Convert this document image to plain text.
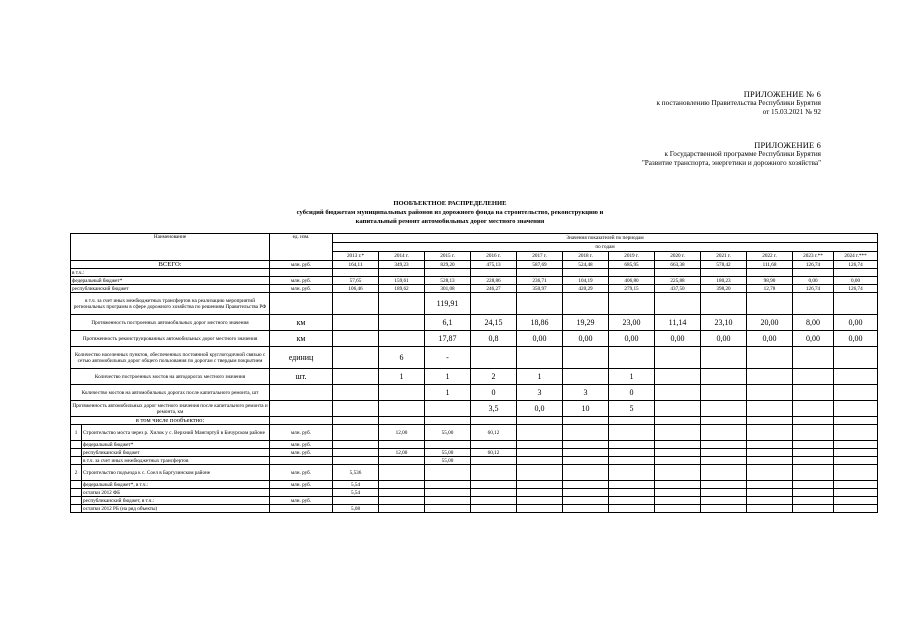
ПРИЛОЖЕНИЕ № 6
к постановлению Правительства Республики Бурятия
от 15.03.2021 № 92
ПРИЛОЖЕНИЕ 6
к Государственной программе Республики Бурятия
"Развитие транспорта, энергетики и дорожного хозяйства"
ПООБЪЕКТНОЕ РАСПРЕДЕЛЕНИЕ
субсидий бюджетам муниципальных районов из дорожного фонда на строительство, реконструкцию и
капитальный ремонт автомобильных дорог местного значения
Наименование		ед. изм.	Значения показателей по периодам											
			по годам											
			2013 г.*	2014 г.	2015 г.	2016 г.	2017 г.	2018 г.	2019 г.	2020 г.	2021 г.	2022 г.	2023 г.**	2024 г.***
ВСЕГО:		млн. руб.	164,11	349,23	829,20	475,13	587,69	524,48	685,95	663,38	578,42	111,68	126,74	126,74
в т.ч.:														
федеральный бюджет*		млн. руб.	57,65	159,61	528,13	228,86	236,71	104,19	406,80	225,88	180,23	98,90	0,00	0,00
республиканский бюджет		млн. руб.	106,46	189,62	301,08	246,27	350,97	420,29	279,15	437,50	398,20	12,78	126,74	126,74
в т.ч. за счет иных межбюджетных трансфертов на реализацию мероприятий региональных программ в сфере дорожного хозяйства по решениям Правительства РФ					119,91									
Протяженность построенных автомобильных дорог местного значения		км			6,1	24,15	18,86	19,29	23,00	11,14	23,10	20,00	8,00	0,00
Протяженность реконструированных автомобильных дорог местного значения		км			17,87	0,8	0,00	0,00	0,00	0,00	0,00	0,00	0,00	0,00
Количество населенных пунктов, обеспеченных постоянной круглогодичной связью с сетью автомобильных дорог общего пользования по дорогам с твердым покрытием		единиц		6	-									
Количество построенных мостов на автодорогах местного значения		шт.		1	1	2	1		1					
Количество мостов на автомобильных дорогах после капитального ремонта, шт					1	0	3	3	0					
Протяженность автомобильных дорог местного значения после капитального ремонта и ремонта, км						3,5	0,0	10	5					
в том числе пообъектно:														
1	Строительство моста через р. Хилок у с. Верхний Мангиртуй в Бичурском районе	млн. руб.		12,00	55,00	60,12								
	федеральный бюджет*	млн. руб.												
	республиканский бюджет	млн. руб.		12,00	55,00	60,12								
	в т.ч. за счет иных межбюджетных трансфертов				55,00									
2	Строительство подъезда к с. Соел в Баргузинском районе	млн. руб.	5,536											
	федеральный бюджет*, в т.ч.:	млн. руб.	5,54											
	остатки 2012 ФБ		5,54											
	республиканский бюджет, в т.ч.:	млн. руб.												
	остатки 2012 РБ (на ряд объекты)		5,08											
